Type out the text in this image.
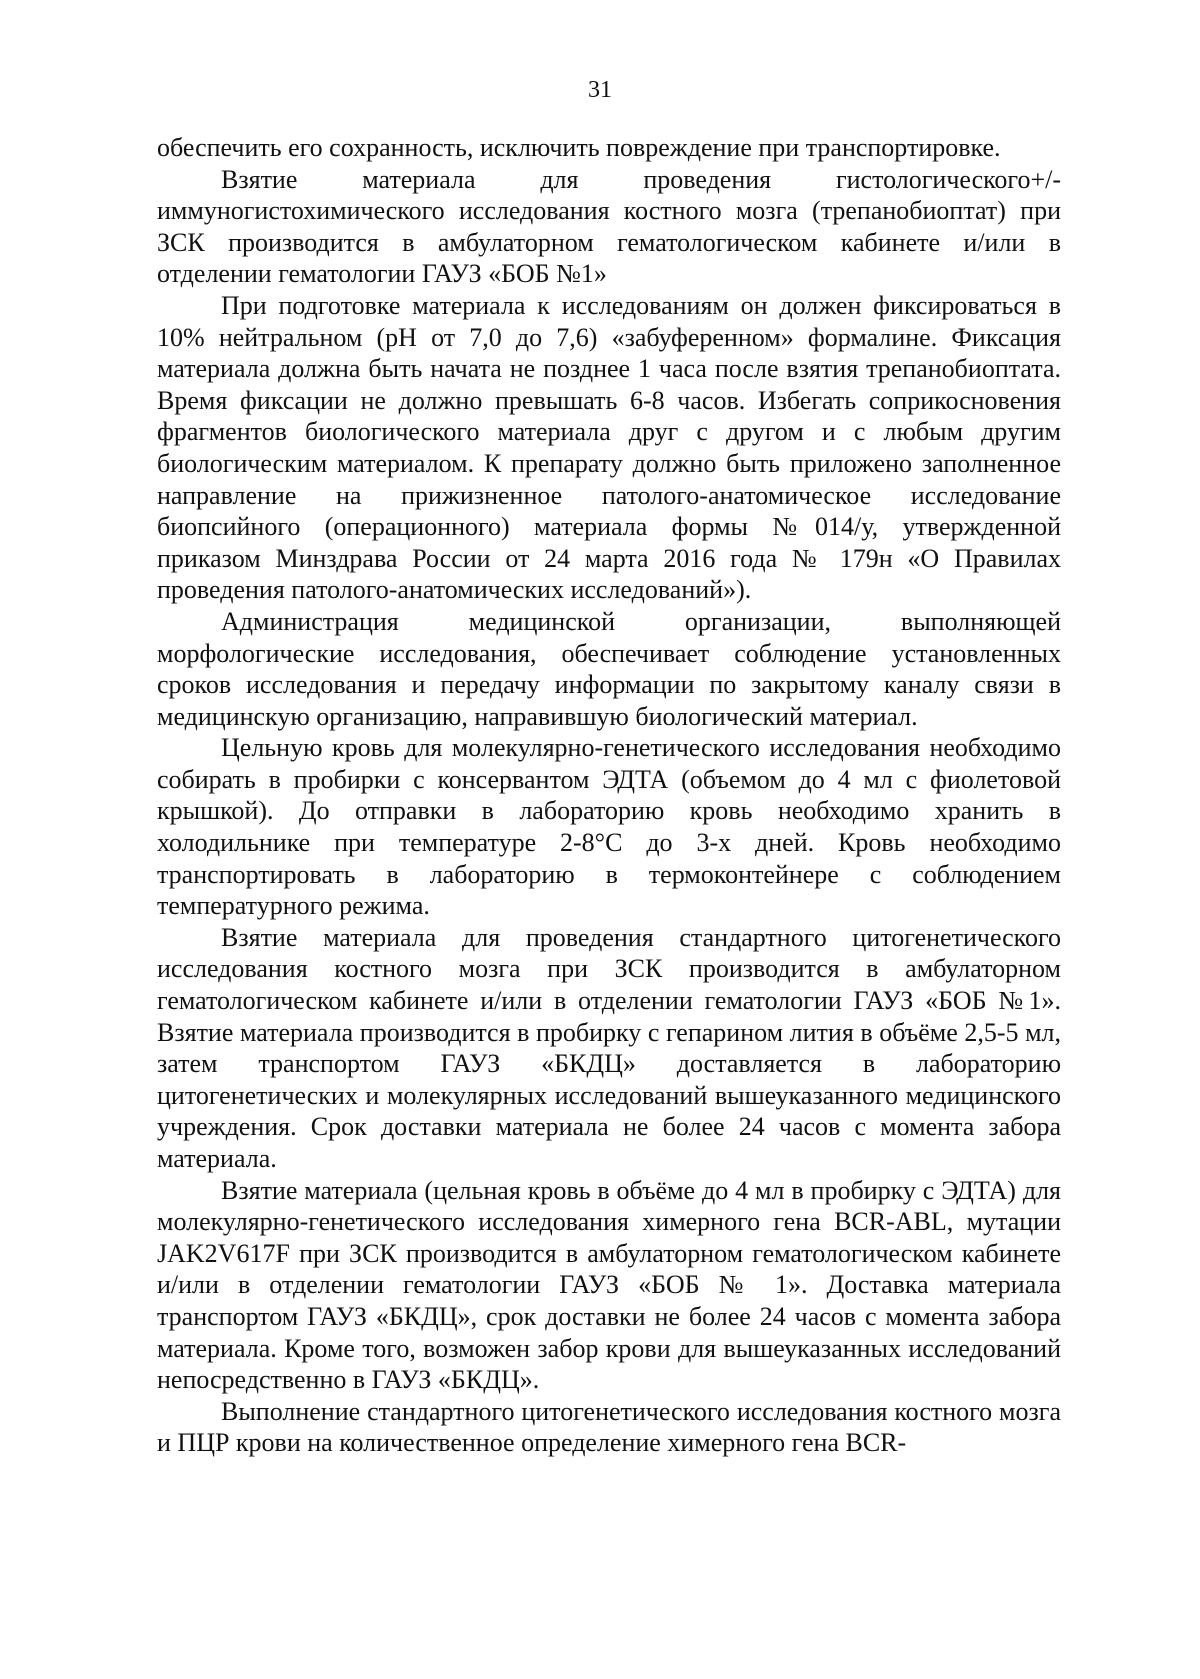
31

обеспечить его сохранность, исключить повреждение при транспортировке.

Взятие материала для проведения гистологического+/-иммуногистохимического исследования костного мозга (трепанобиоптат) при ЗСК производится в амбулаторном гематологическом кабинете и/или в отделении гематологии ГАУЗ «БОБ №1»

При подготовке материала к исследованиям он должен фиксироваться в 10% нейтральном (pH от 7,0 до 7,6) «забуференном» формалине. Фиксация материала должна быть начата не позднее 1 часа после взятия трепанобиоптата. Время фиксации не должно превышать 6-8 часов. Избегать соприкосновения фрагментов биологического материала друг с другом и с любым другим биологическим материалом. К препарату должно быть приложено заполненное направление на прижизненное патолого-анатомическое исследование биопсийного (операционного) материала формы №014/у, утвержденной приказом Минздрава России от 24 марта 2016 года № 179н «О Правилах проведения патолого-анатомических исследований»).

Администрация медицинской организации, выполняющей морфологические исследования, обеспечивает соблюдение установленных сроков исследования и передачу информации по закрытому каналу связи в медицинскую организацию, направившую биологический материал.

Цельную кровь для молекулярно-генетического исследования необходимо собирать в пробирки с консервантом ЭДТА (объемом до 4 мл с фиолетовой крышкой). До отправки в лабораторию кровь необходимо хранить в холодильнике при температуре 2-8°С до 3-х дней. Кровь необходимо транспортировать в лабораторию в термоконтейнере с соблюдением температурного режима.

Взятие материала для проведения стандартного цитогенетического исследования костного мозга при ЗСК производится в амбулаторном гематологическом кабинете и/или в отделении гематологии ГАУЗ «БОБ №1». Взятие материала производится в пробирку с гепарином лития в объёме 2,5-5 мл, затем транспортом ГАУЗ «БКДЦ» доставляется в лабораторию цитогенетических и молекулярных исследований вышеуказанного медицинского учреждения. Срок доставки материала не более 24 часов с момента забора материала.

Взятие материала (цельная кровь в объёме до 4 мл в пробирку с ЭДТА) для молекулярно-генетического исследования химерного гена BCR-ABL, мутации JAK2V617F при ЗСК производится в амбулаторном гематологическом кабинете и/или в отделении гематологии ГАУЗ «БОБ № 1». Доставка материала транспортом ГАУЗ «БКДЦ», срок доставки не более 24 часов с момента забора материала. Кроме того, возможен забор крови для вышеуказанных исследований непосредственно в ГАУЗ «БКДЦ».

Выполнение стандартного цитогенетического исследования костного мозга и ПЦР крови на количественное определение химерного гена BCR-
